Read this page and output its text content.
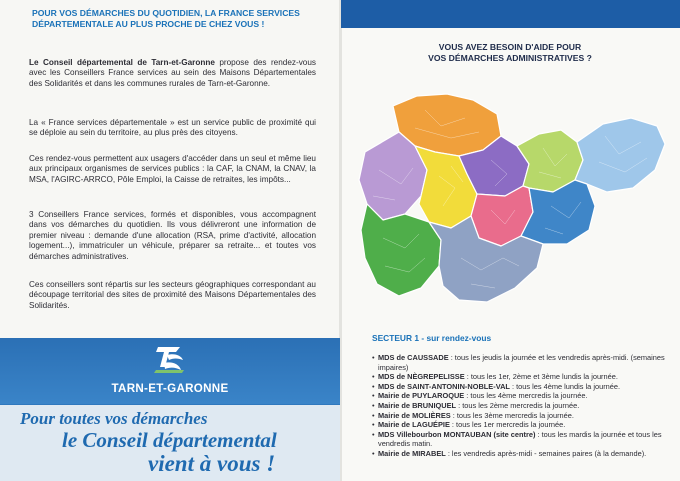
POUR VOS DÉMARCHES DU QUOTIDIEN, LA FRANCE SERVICES
DÉPARTEMENTALE AU PLUS PROCHE DE CHEZ VOUS !
Le Conseil départemental de Tarn-et-Garonne propose des rendez-vous avec les Conseillers France services au sein des Maisons Départementales des Solidarités et dans les communes rurales de Tarn-et-Garonne.
La « France services départementale » est un service public de proximité qui se déploie au sein du territoire, au plus près des citoyens.
Ces rendez-vous permettent aux usagers d'accéder dans un seul et même lieu aux principaux organismes de services publics : la CAF, la CNAM, la CNAV, la MSA, l'AGIRC-ARRCO, Pôle Emploi, la Caisse de retraites, les impôts...
3 Conseillers France services, formés et disponibles, vous accompagnent dans vos démarches du quotidien. Ils vous délivreront une information de premier niveau : demande d'une allocation (RSA, prime d'activité, allocation logement...), immatriculer un véhicule, préparer sa retraite... et toutes vos démarches administratives.
Ces conseillers sont répartis sur les secteurs géographiques correspondant au découpage territorial des sites de proximité des Maisons Départementales des Solidarités.
TARN-ET-GARONNE
Pour toutes vos démarches
le Conseil départemental
vient à vous !
VOUS AVEZ BESOIN D'AIDE POUR
VOS DÉMARCHES ADMINISTRATIVES ?
SECTEUR 1 - sur rendez-vous
• MDS de CAUSSADE : tous les jeudis la journée et les vendredis après-midi. (semaines impaires)
• MDS de NÈGREPELISSE : tous les 1er, 2ème et 3ème lundis la journée.
• MDS de SAINT-ANTONIN-NOBLE-VAL : tous les 4ème lundis la journée.
• Mairie de PUYLAROQUE : tous les 4ème mercredis la journée.
• Mairie de BRUNIQUEL : tous les 2ème mercredis la journée.
• Mairie de MOLIÈRES : tous les 3ème mercredis la journée.
• Mairie de LAGUÉPIE : tous les 1er mercredis la journée.
• MDS Villebourbon MONTAUBAN (site centre) : tous les mardis la journée et tous les vendredis matin.
• Mairie de MIRABEL : les vendredis après-midi - semaines paires (à la demande).
